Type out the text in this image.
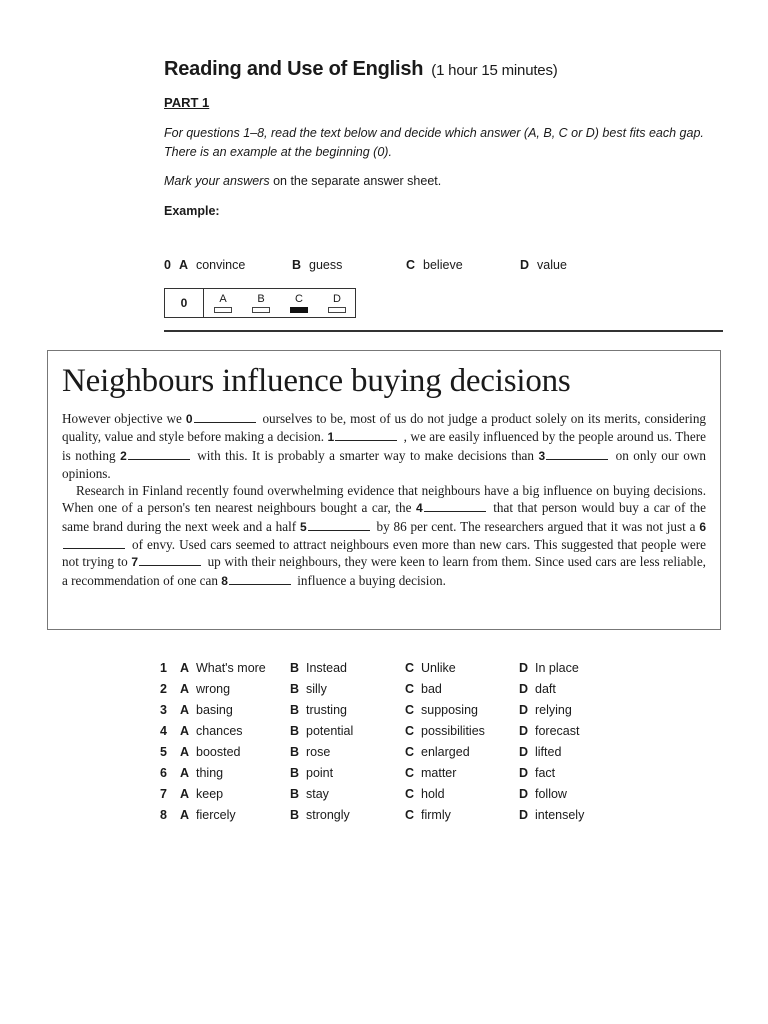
Reading and Use of English (1 hour 15 minutes)
PART 1
For questions 1–8, read the text below and decide which answer (A, B, C or D) best fits each gap. There is an example at the beginning (0).
Mark your answers on the separate answer sheet.
Example:
0 A convince	B guess	C believe	D value
0	A	B	C	D
Neighbours influence buying decisions

However objective we 0	ourselves to be, most of us do not judge a product solely on its merits, considering quality, value and style before making a decision. 1	, we are easily influenced by the people around us. There is nothing 2	with this. It is probably a smarter way to make decisions than 3	on only our own opinions.

Research in Finland recently found overwhelming evidence that neighbours have a big influence on buying decisions. When one of a person's ten nearest neighbours bought a car, the 4	that that person would buy a car of the same brand during the next week and a half 5	by 86 per cent. The researchers argued that it was not just a 6 of envy. Used cars seemed to attract neighbours even more than new cars. This suggested that people were not trying to 7	up with their neighbours, they were keen to learn from them. Since used cars are less reliable, a recommendation of one can 8	influence a buying decision.

1	A What's more B Instead	C Unlike	D In place
2	A wrong	B silly	C bad	D daft
3	A basing	B trusting	C supposing	D relying
4	A chances	B potential	C possibilities	D forecast
5	A boosted	B rose	C enlarged	D lifted
6	A thing	B point	C matter	D fact
7	A keep	B stay	C hold	D follow
8	A fiercely	B strongly	C firmly	D intensely
